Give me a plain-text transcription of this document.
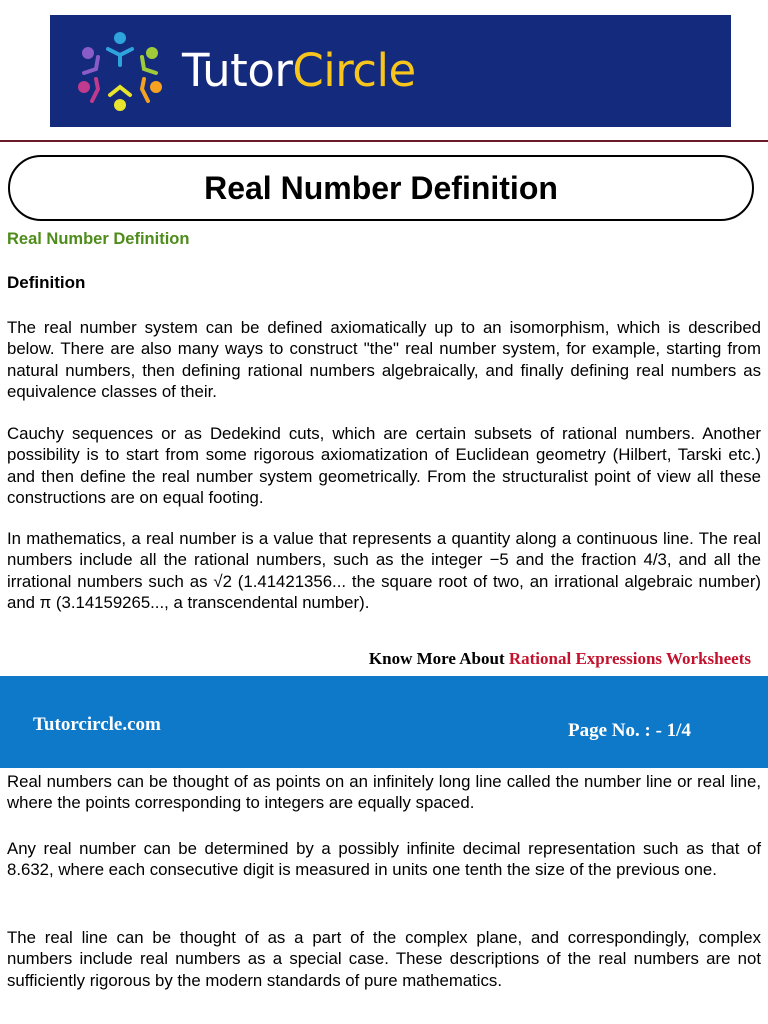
TutorCircle
Real Number Definition
Real Number Definition
Definition

The real number system can be defined axiomatically up to an isomorphism, which is described below. There are also many ways to construct "the" real number system, for example, starting from natural numbers, then defining rational numbers algebraically, and finally defining real numbers as equivalence classes of their.

Cauchy sequences or as Dedekind cuts, which are certain subsets of rational numbers. Another possibility is to start from some rigorous axiomatization of Euclidean geometry (Hilbert, Tarski etc.) and then define the real number system geometrically. From the structuralist point of view all these constructions are on equal footing.

In mathematics, a real number is a value that represents a quantity along a continuous line. The real numbers include all the rational numbers, such as the integer −5 and the fraction 4/3, and all the irrational numbers such as √2 (1.41421356... the square root of two, an irrational algebraic number) and π (3.14159265..., a transcendental number).

Know More About Rational Expressions Worksheets
Tutorcircle.com	Page No. : - 1/4

Real numbers can be thought of as points on an infinitely long line called the number line or real line, where the points corresponding to integers are equally spaced.

Any real number can be determined by a possibly infinite decimal representation such as that of 8.632, where each consecutive digit is measured in units one tenth the size of the previous one.

The real line can be thought of as a part of the complex plane, and correspondingly, complex numbers include real numbers as a special case. These descriptions of the real numbers are not sufficiently rigorous by the modern standards of pure mathematics.
